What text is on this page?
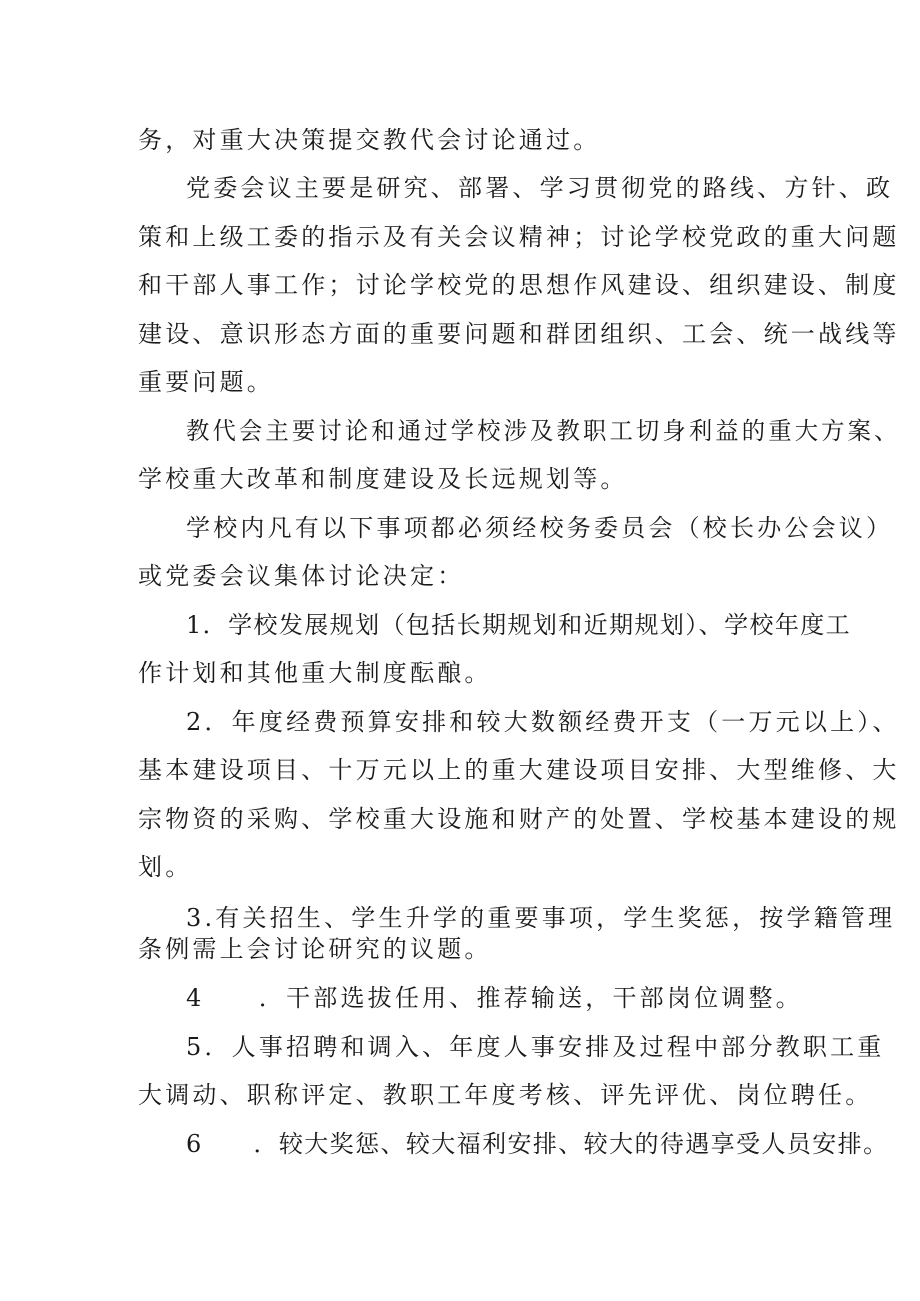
务，对重大决策提交教代会讨论通过。
党委会议主要是研究、部署、学习贯彻党的路线、方针、政
策和上级工委的指示及有关会议精神；讨论学校党政的重大问题
和干部人事工作；讨论学校党的思想作风建设、组织建设、制度
建设、意识形态方面的重要问题和群团组织、工会、统一战线等
重要问题。
教代会主要讨论和通过学校涉及教职工切身利益的重大方案、
学校重大改革和制度建设及长远规划等。
学校内凡有以下事项都必须经校务委员会（校长办公会议）
或党委会议集体讨论决定：
1．学校发展规划（包括长期规划和近期规划）、学校年度工
作计划和其他重大制度酝酿。
2．年度经费预算安排和较大数额经费开支（一万元以上）、
基本建设项目、十万元以上的重大建设项目安排、大型维修、大
宗物资的采购、学校重大设施和财产的处置、学校基本建设的规
划。
3.有关招生、学生升学的重要事项，学生奖惩，按学籍管理
条例需上会讨论研究的议题。
4　　．干部选拔任用、推荐输送，干部岗位调整。
5．人事招聘和调入、年度人事安排及过程中部分教职工重
大调动、职称评定、教职工年度考核、评先评优、岗位聘任。
6　　．较大奖惩、较大福利安排、较大的待遇享受人员安排。
